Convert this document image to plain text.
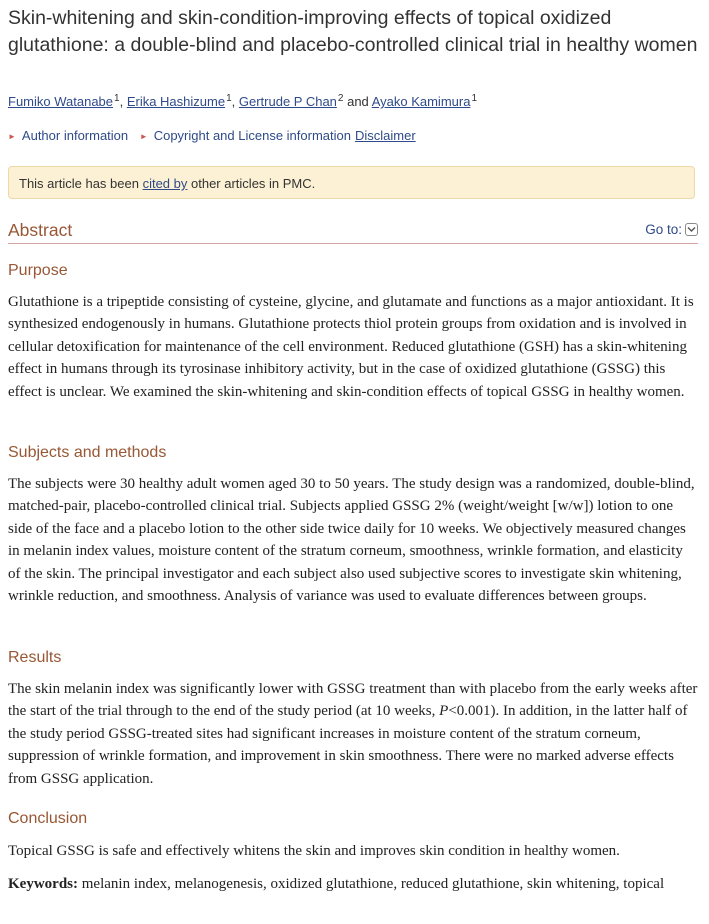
Skin-whitening and skin-condition-improving effects of topical oxidized glutathione: a double-blind and placebo-controlled clinical trial in healthy women
Fumiko Watanabe$^1$, Erika Hashizume$^1$, Gertrude P Chan$^2$ and Ayako Kamimura$^1$
► Author information ► Copyright and License information Disclaimer
This article has been cited by other articles in PMC.
Abstract	Go to:
Purpose
Glutathione is a tripeptide consisting of cysteine, glycine, and glutamate and functions as a major antioxidant. It is synthesized endogenously in humans. Glutathione protects thiol protein groups from oxidation and is involved in cellular detoxification for maintenance of the cell environment. Reduced glutathione (GSH) has a skin-whitening effect in humans through its tyrosinase inhibitory activity, but in the case of oxidized glutathione (GSSG) this effect is unclear. We examined the skin-whitening and skin-condition effects of topical GSSG in healthy women.
Subjects and methods
The subjects were 30 healthy adult women aged 30 to 50 years. The study design was a randomized, double-blind, matched-pair, placebo-controlled clinical trial. Subjects applied GSSG 2% (weight/weight [w/w]) lotion to one side of the face and a placebo lotion to the other side twice daily for 10 weeks. We objectively measured changes in melanin index values, moisture content of the stratum corneum, smoothness, wrinkle formation, and elasticity of the skin. The principal investigator and each subject also used subjective scores to investigate skin whitening, wrinkle reduction, and smoothness. Analysis of variance was used to evaluate differences between groups.
Results
The skin melanin index was significantly lower with GSSG treatment than with placebo from the early weeks after the start of the trial through to the end of the study period (at 10 weeks, P<0.001). In addition, in the latter half of the study period GSSG-treated sites had significant increases in moisture content of the stratum corneum, suppression of wrinkle formation, and improvement in skin smoothness. There were no marked adverse effects from GSSG application.
Conclusion
Topical GSSG is safe and effectively whitens the skin and improves skin condition in healthy women.
Keywords: melanin index, melanogenesis, oxidized glutathione, reduced glutathione, skin whitening, topical
